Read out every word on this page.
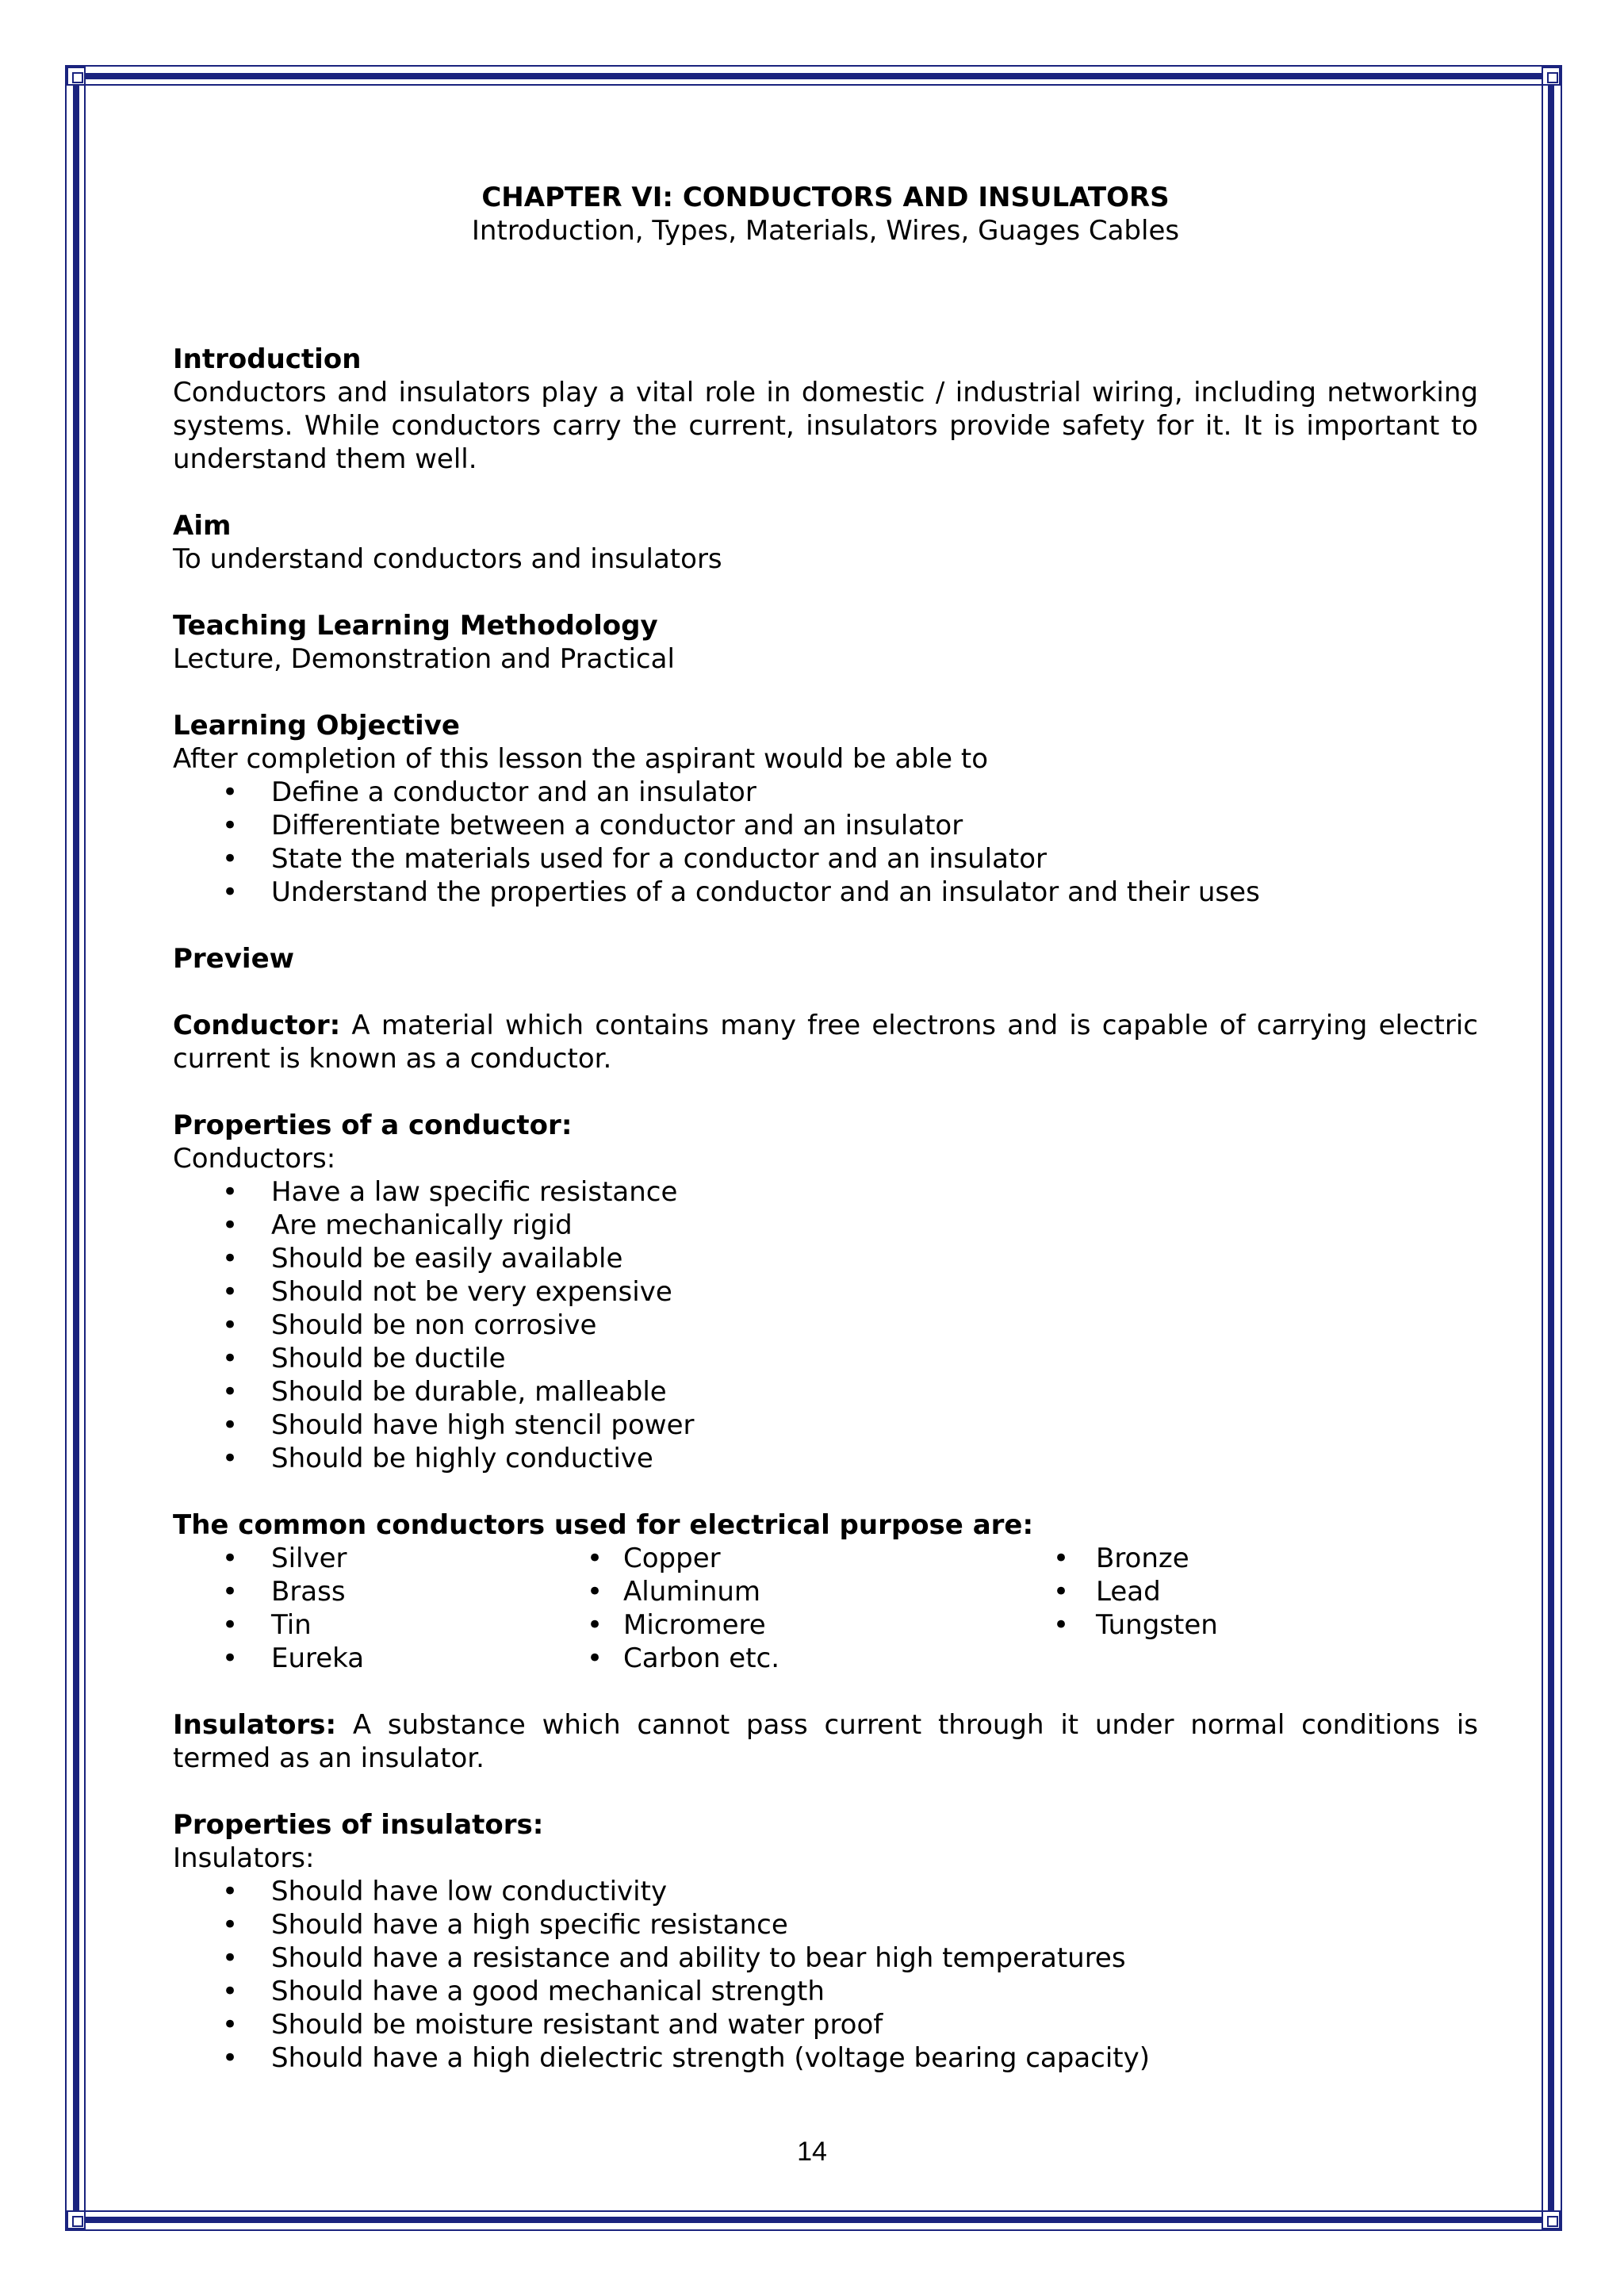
CHAPTER VI: CONDUCTORS AND INSULATORS
Introduction, Types, Materials, Wires, Guages Cables
Introduction

Conductors and insulators play a vital role in domestic / industrial wiring, including networking systems. While conductors carry the current, insulators provide safety for it. It is important to understand them well.

Aim

To understand conductors and insulators

Teaching Learning Methodology

Lecture, Demonstration and Practical

Learning Objective

After completion of this lesson the aspirant would be able to

• Define a conductor and an insulator
• Differentiate between a conductor and an insulator
• State the materials used for a conductor and an insulator
• Understand the properties of a conductor and an insulator and their uses
Preview

Conductor: A material which contains many free electrons and is capable of carrying electric current is known as a conductor.

Properties of a conductor:

Conductors:

• Have a law specific resistance
• Are mechanically rigid
• Should be easily available
• Should not be very expensive
• Should be non corrosive
• Should be ductile
• Should be durable, malleable
• Should have high stencil power
• Should be highly conductive
The common conductors used for electrical purpose are:
• Silver
• Brass
• Tin
• Eureka
• Copper
• Aluminum
• Micromere
• Carbon etc.
• Bronze
• Lead
• Tungsten

Insulators: A substance which cannot pass current through it under normal conditions is termed as an insulator.

Properties of insulators:

Insulators:

• Should have low conductivity
• Should have a high specific resistance
• Should have a resistance and ability to bear high temperatures
• Should have a good mechanical strength
• Should be moisture resistant and water proof
• Should have a high dielectric strength (voltage bearing capacity)
14
